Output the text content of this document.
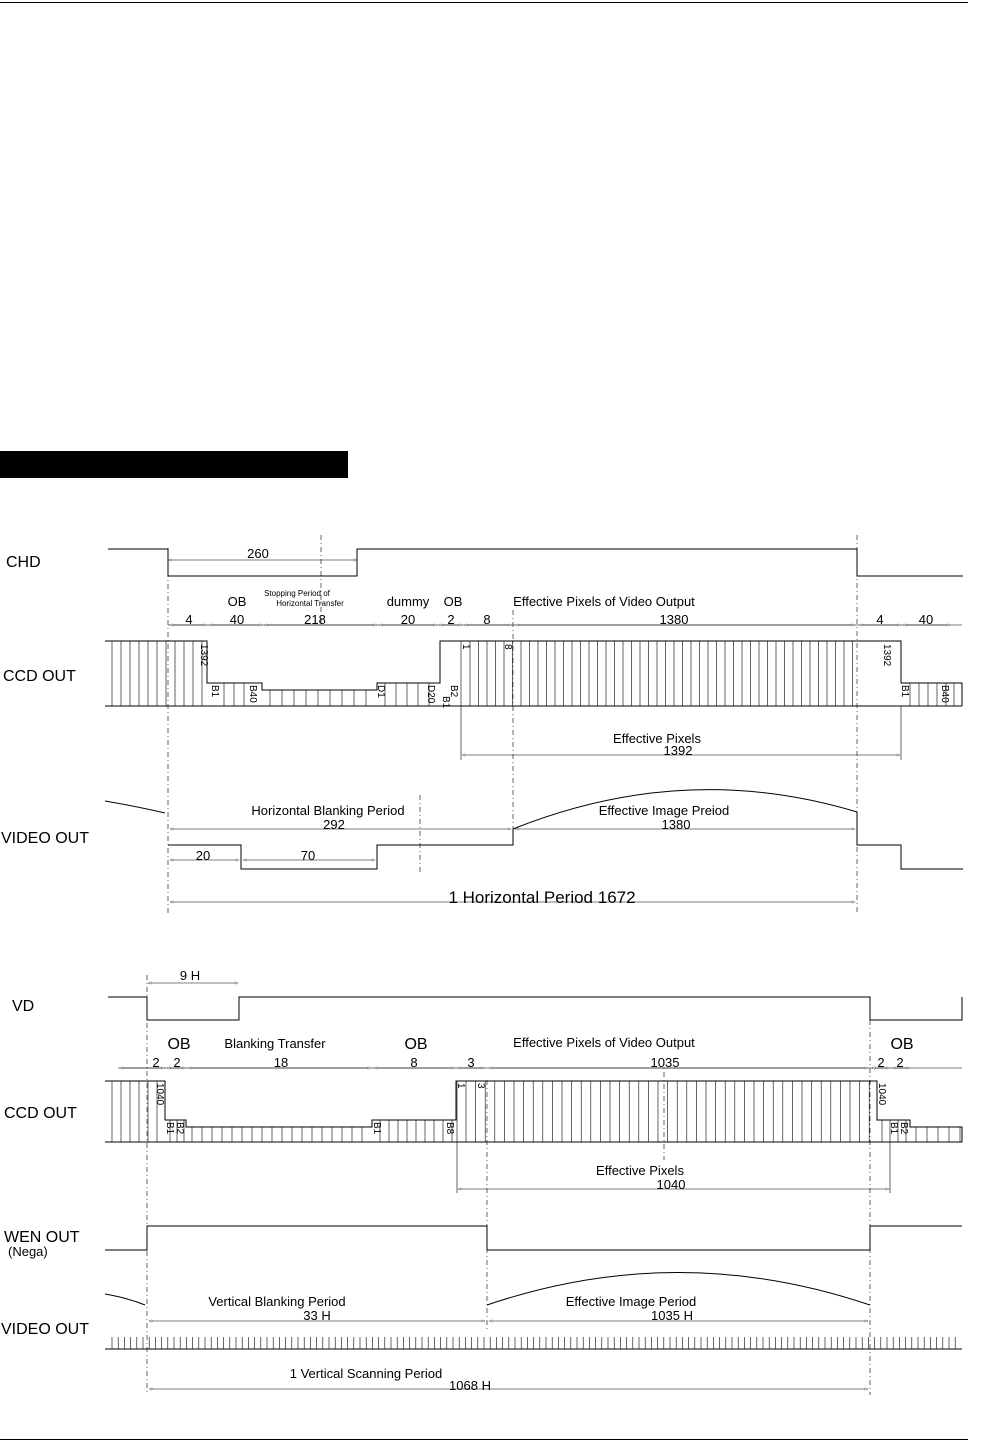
CHD
CCD OUT
VIDEO OUT
260
OB
Stopping Period of
Horizontal Transfer	dummy OB	Effective Pixels of Video Output
4	40	218	20 2 8	1380	4	40
1392
B1	B40	D1	D20 B2
B1
1	8	1392
B1	B40
Effective Pixels
1392
Horizontal Blanking Period
292
Effective Image Preiod
1380
20	70
1 Horizontal Period 1672
VD
CCD OUT
WEN OUT
(Nega)
VIDEO OUT
9 H
OB	Blanking Transfer	OB	Effective Pixels of Video Output	OB
2 2	18	8	3	1035	2 2
1040
B1 B2	B1	B8
1 3	1040
B1 B2
Effective Pixels
1040
Vertical Blanking Period
33 H
Effective Image Period
1035 H
1 Vertical Scanning Period
1068 H
